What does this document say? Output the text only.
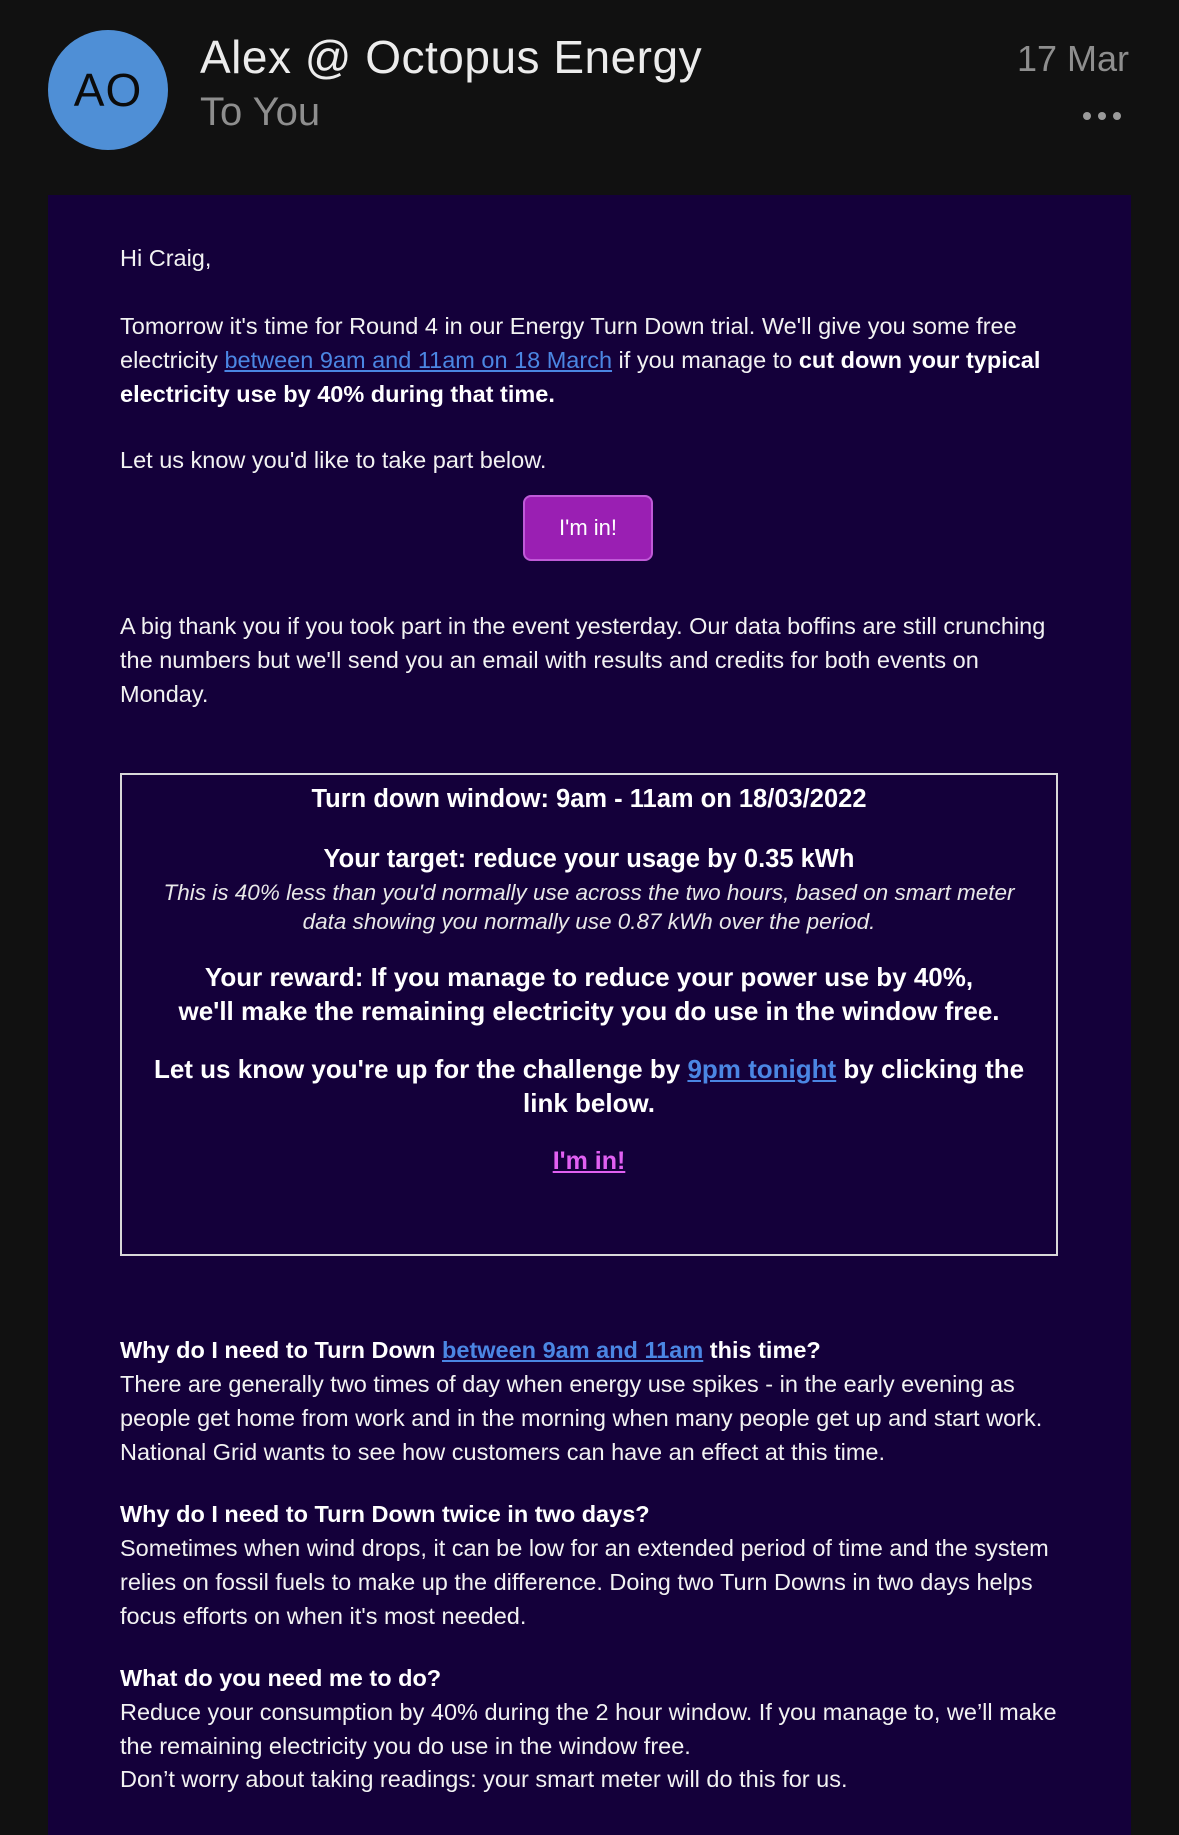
AO
Alex @ Octopus Energy
To You
17 Mar

Hi Craig,

Tomorrow it's time for Round 4 in our Energy Turn Down trial. We'll give you some free electricity between 9am and 11am on 18 March if you manage to cut down your typical electricity use by 40% during that time.

Let us know you'd like to take part below.

I'm in!

A big thank you if you took part in the event yesterday. Our data boffins are still crunching the numbers but we'll send you an email with results and credits for both events on Monday.

Turn down window: 9am - 11am on 18/03/2022
Your target: reduce your usage by 0.35 kWh
This is 40% less than you'd normally use across the two hours, based on smart meter
data showing you normally use 0.87 kWh over the period.
Your reward: If you manage to reduce your power use by 40%,
we'll make the remaining electricity you do use in the window free.
Let us know you're up for the challenge by 9pm tonight by clicking the
link below.
I'm in!

Why do I need to Turn Down between 9am and 11am this time?
There are generally two times of day when energy use spikes - in the early evening as people get home from work and in the morning when many people get up and start work. National Grid wants to see how customers can have an effect at this time.

Why do I need to Turn Down twice in two days?
Sometimes when wind drops, it can be low for an extended period of time and the system relies on fossil fuels to make up the difference. Doing two Turn Downs in two days helps focus efforts on when it's most needed.

What do you need me to do?
Reduce your consumption by 40% during the 2 hour window. If you manage to, we’ll make the remaining electricity you do use in the window free.

Don’t worry about taking readings: your smart meter will do this for us.
